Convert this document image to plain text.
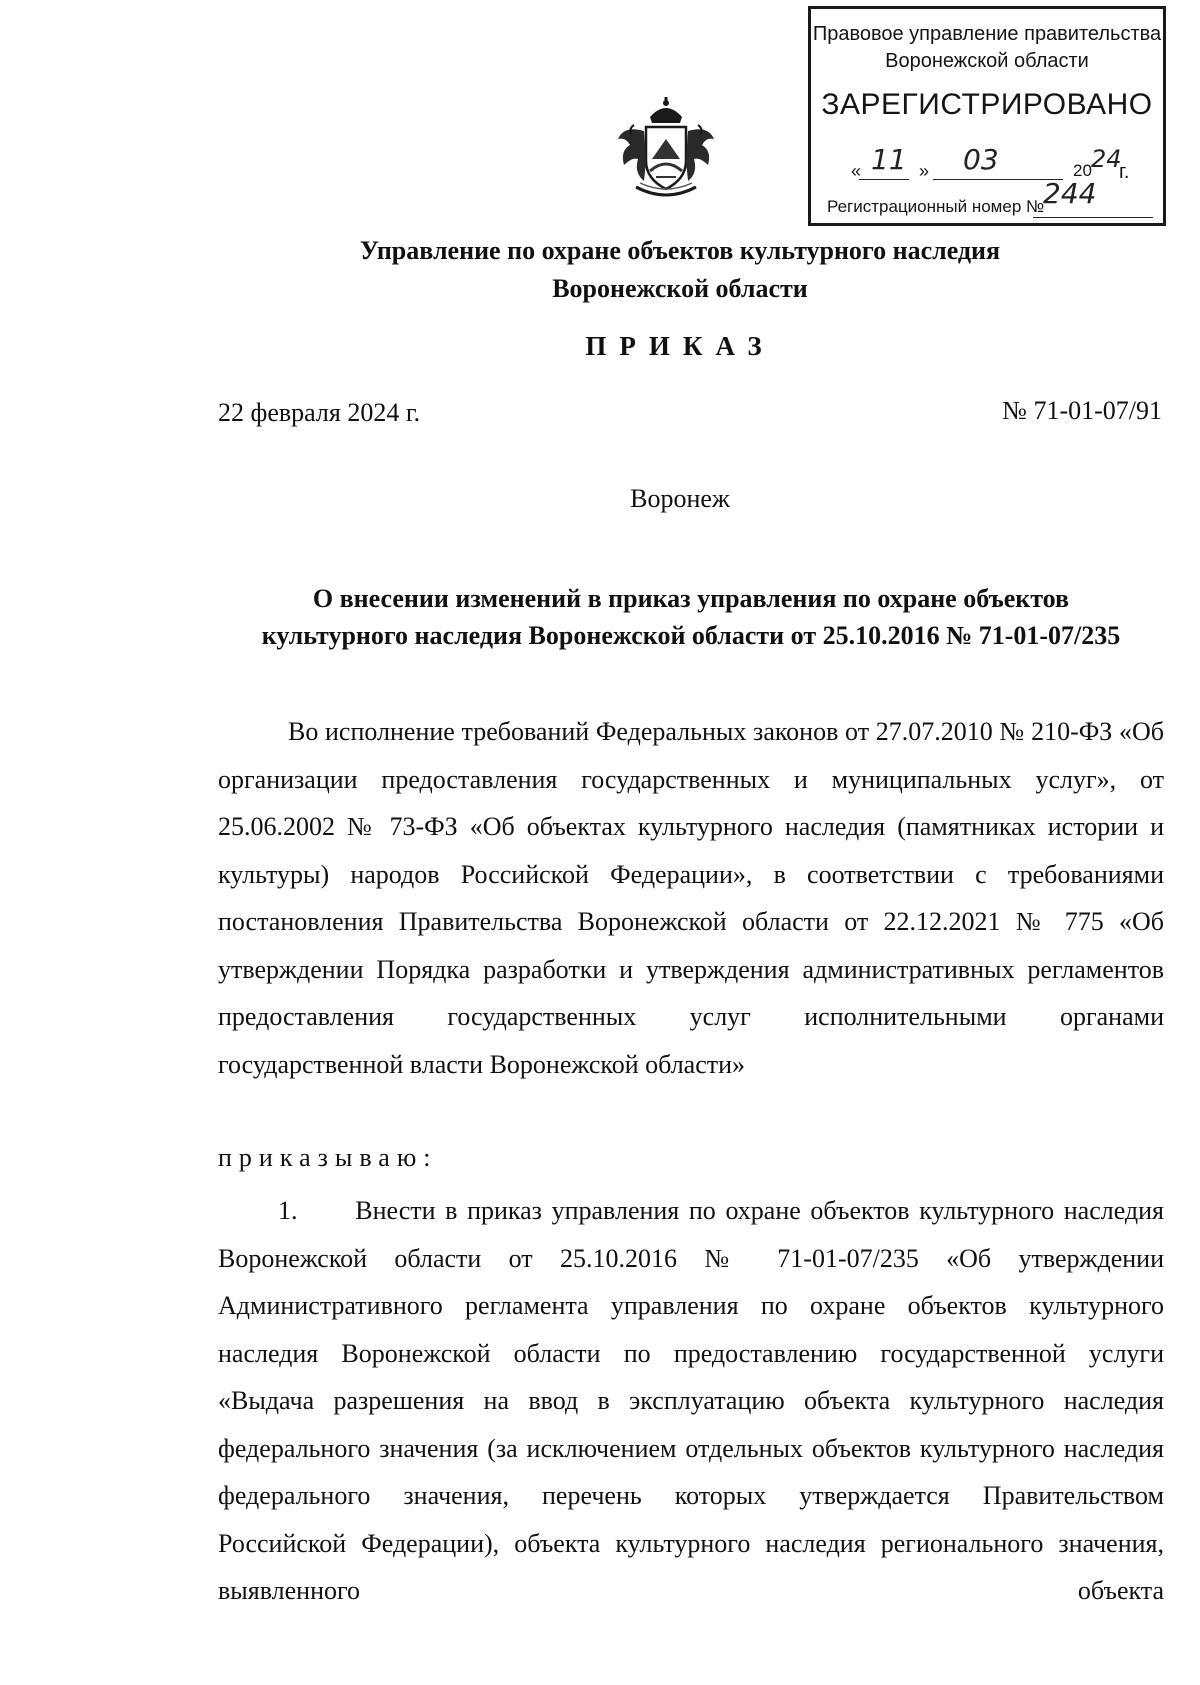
Правовое управление правительства
Воронежской области
ЗАРЕГИСТРИРОВАНО
« 11 » 03	20 24
г.
Регистрационный номер №
244
Управление по охране объектов культурного наследия
Воронежской области
ПРИКАЗ
22 февраля 2024 г.	№ 71-01-07/91
Воронеж
О внесении изменений в приказ управления по охране объектов
культурного наследия Воронежской области от 25.10.2016 № 71-01-07/235
Во исполнение требований Федеральных законов от 27.07.2010 № 210-ФЗ «Об организации предоставления государственных и муниципальных услуг», от 25.06.2002 № 73-ФЗ «Об объектах культурного наследия (памятниках истории и культуры) народов Российской Федерации», в соответствии с требованиями постановления Правительства Воронежской области от 22.12.2021 № 775 «Об утверждении Порядка разработки и утверждения административных регламентов предоставления государственных услуг исполнительными органами государственной власти Воронежской области»
приказываю:
1. Внести в приказ управления по охране объектов культурного наследия Воронежской области от 25.10.2016 № 71-01-07/235 «Об утверждении Административного регламента управления по охране объектов культурного наследия Воронежской области по предоставлению государственной услуги «Выдача разрешения на ввод в эксплуатацию объекта культурного наследия федерального значения (за исключением отдельных объектов культурного наследия федерального значения, перечень которых утверждается Правительством Российской Федерации), объекта культурного наследия регионального значения, выявленного объекта
